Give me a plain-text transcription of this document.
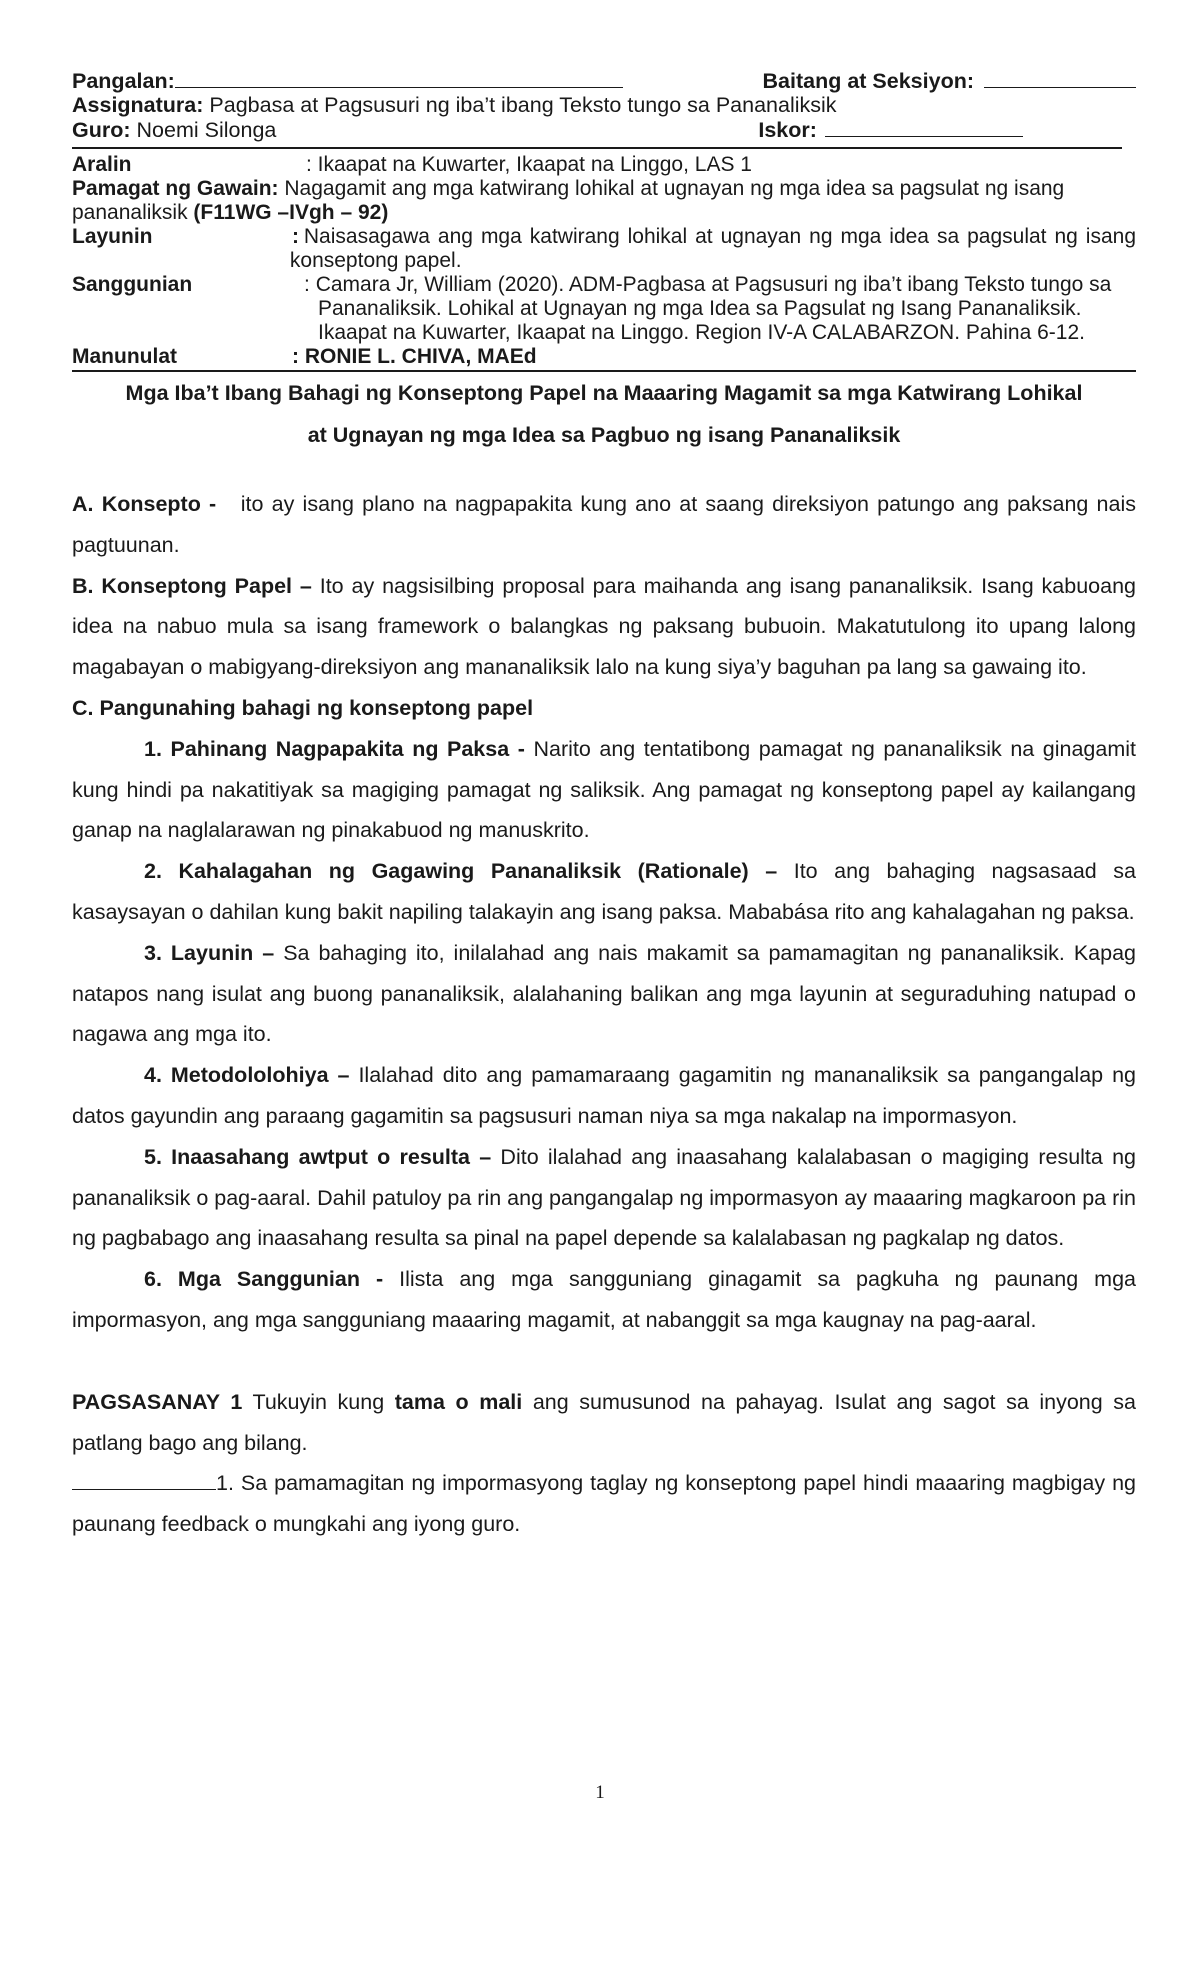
Pangalan:	Baitang at Seksiyon:
Assignatura: Pagbasa at Pagsusuri ng iba’t ibang Teksto tungo sa Pananaliksik
Guro: Noemi Silonga	Iskor:
Aralin	: Ikaapat na Kuwarter, Ikaapat na Linggo, LAS 1
Pamagat ng Gawain: Nagagamit ang mga katwirang lohikal at ugnayan ng mga idea sa pagsulat ng isang pananaliksik (F11WG –IVgh – 92)
Layunin	: Naisasagawa ang mga katwirang lohikal at ugnayan ng mga idea sa pagsulat ng isang konseptong papel.
Sanggunian	: Camara Jr, William (2020). ADM-Pagbasa at Pagsusuri ng iba’t ibang Teksto tungo sa Pananaliksik. Lohikal at Ugnayan ng mga Idea sa Pagsulat ng Isang Pananaliksik. Ikaapat na Kuwarter, Ikaapat na Linggo. Region IV-A CALABARZON. Pahina 6-12.
Manunulat	: RONIE L. CHIVA, MAEd
Mga Iba’t Ibang Bahagi ng Konseptong Papel na Maaaring Magamit sa mga Katwirang Lohikal
at Ugnayan ng mga Idea sa Pagbuo ng isang Pananaliksik

A. Konsepto - ito ay isang plano na nagpapakita kung ano at saang direksiyon patungo ang paksang nais pagtuunan.

B. Konseptong Papel – Ito ay nagsisilbing proposal para maihanda ang isang pananaliksik. Isang kabuoang idea na nabuo mula sa isang framework o balangkas ng paksang bubuoin. Makatutulong ito upang lalong magabayan o mabigyang-direksiyon ang mananaliksik lalo na kung siya’y baguhan pa lang sa gawaing ito.

C. Pangunahing bahagi ng konseptong papel

1. Pahinang Nagpapakita ng Paksa - Narito ang tentatibong pamagat ng pananaliksik na ginagamit kung hindi pa nakatitiyak sa magiging pamagat ng saliksik. Ang pamagat ng konseptong papel ay kailangang ganap na naglalarawan ng pinakabuod ng manuskrito.

2. Kahalagahan ng Gagawing Pananaliksik (Rationale) – Ito ang bahaging nagsasaad sa kasaysayan o dahilan kung bakit napiling talakayin ang isang paksa. Mababása rito ang kahalagahan ng paksa.

3. Layunin – Sa bahaging ito, inilalahad ang nais makamit sa pamamagitan ng pananaliksik. Kapag natapos nang isulat ang buong pananaliksik, alalahaning balikan ang mga layunin at seguraduhing natupad o nagawa ang mga ito.

4. Metodololohiya – Ilalahad dito ang pamamaraang gagamitin ng mananaliksik sa pangangalap ng datos gayundin ang paraang gagamitin sa pagsusuri naman niya sa mga nakalap na impormasyon.

5. Inaasahang awtput o resulta – Dito ilalahad ang inaasahang kalalabasan o magiging resulta ng pananaliksik o pag-aaral. Dahil patuloy pa rin ang pangangalap ng impormasyon ay maaaring magkaroon pa rin ng pagbabago ang inaasahang resulta sa pinal na papel depende sa kalalabasan ng pagkalap ng datos.

6. Mga Sanggunian - Ilista ang mga sangguniang ginagamit sa pagkuha ng paunang mga impormasyon, ang mga sangguniang maaaring magamit, at nabanggit sa mga kaugnay na pag-aaral.

PAGSASANAY 1 Tukuyin kung tama o mali ang sumusunod na pahayag. Isulat ang sagot sa inyong sa patlang bago ang bilang.

1. Sa pamamagitan ng impormasyong taglay ng konseptong papel hindi maaaring magbigay ng paunang feedback o mungkahi ang iyong guro.

1
